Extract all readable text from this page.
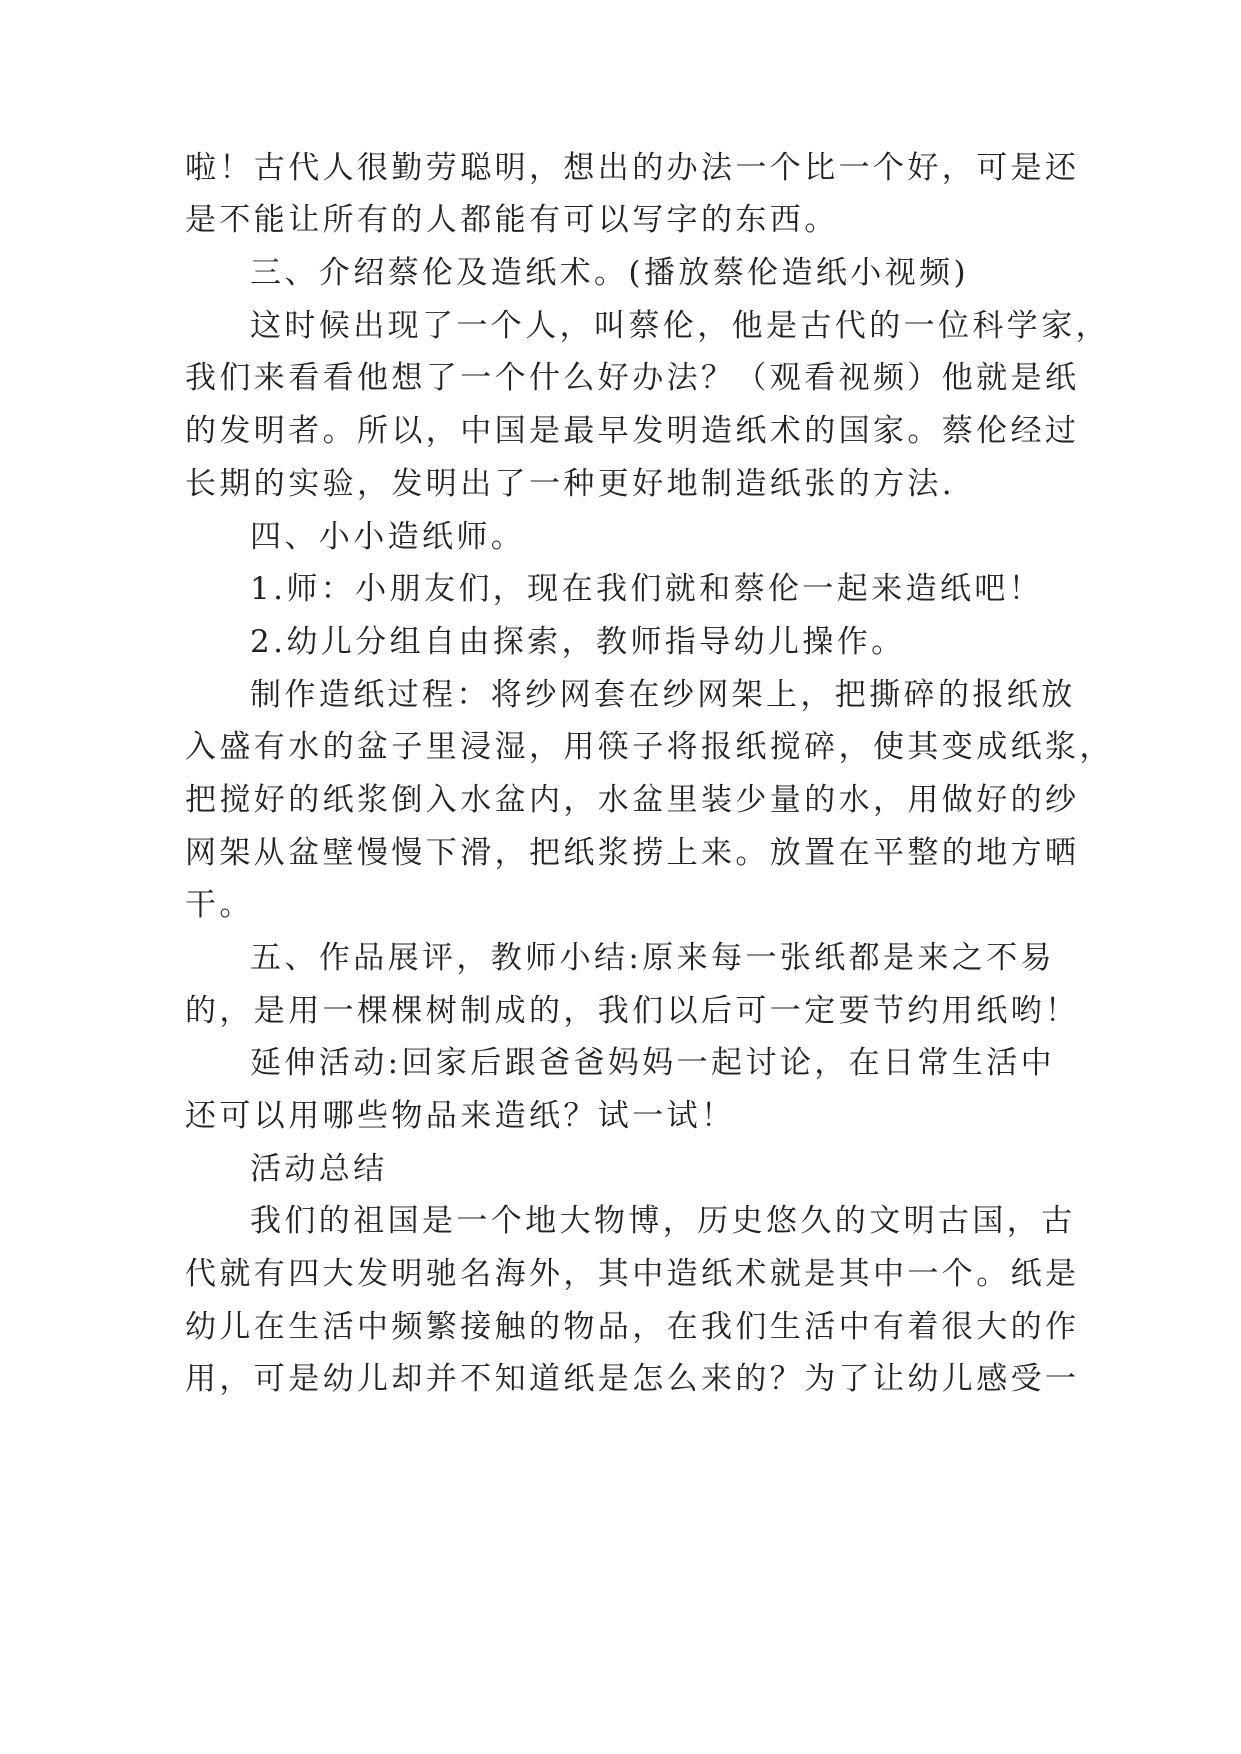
啦！古代人很勤劳聪明，想出的办法一个比一个好，可是还
是不能让所有的人都能有可以写字的东西。
三、介绍蔡伦及造纸术。(播放蔡伦造纸小视频)
这时候出现了一个人，叫蔡伦，他是古代的一位科学家，
我们来看看他想了一个什么好办法？（观看视频）他就是纸
的发明者。所以，中国是最早发明造纸术的国家。蔡伦经过
长期的实验，发明出了一种更好地制造纸张的方法.
四、小小造纸师。
1.师：小朋友们，现在我们就和蔡伦一起来造纸吧！
2.幼儿分组自由探索，教师指导幼儿操作。
制作造纸过程：将纱网套在纱网架上，把撕碎的报纸放
入盛有水的盆子里浸湿，用筷子将报纸搅碎，使其变成纸浆，
把搅好的纸浆倒入水盆内，水盆里装少量的水，用做好的纱
网架从盆壁慢慢下滑，把纸浆捞上来。放置在平整的地方晒
干。
五、作品展评，教师小结:原来每一张纸都是来之不易
的，是用一棵棵树制成的，我们以后可一定要节约用纸哟！
延伸活动:回家后跟爸爸妈妈一起讨论，在日常生活中
还可以用哪些物品来造纸？试一试！
活动总结
我们的祖国是一个地大物博，历史悠久的文明古国，古
代就有四大发明驰名海外，其中造纸术就是其中一个。纸是
幼儿在生活中频繁接触的物品，在我们生活中有着很大的作
用，可是幼儿却并不知道纸是怎么来的？为了让幼儿感受一
